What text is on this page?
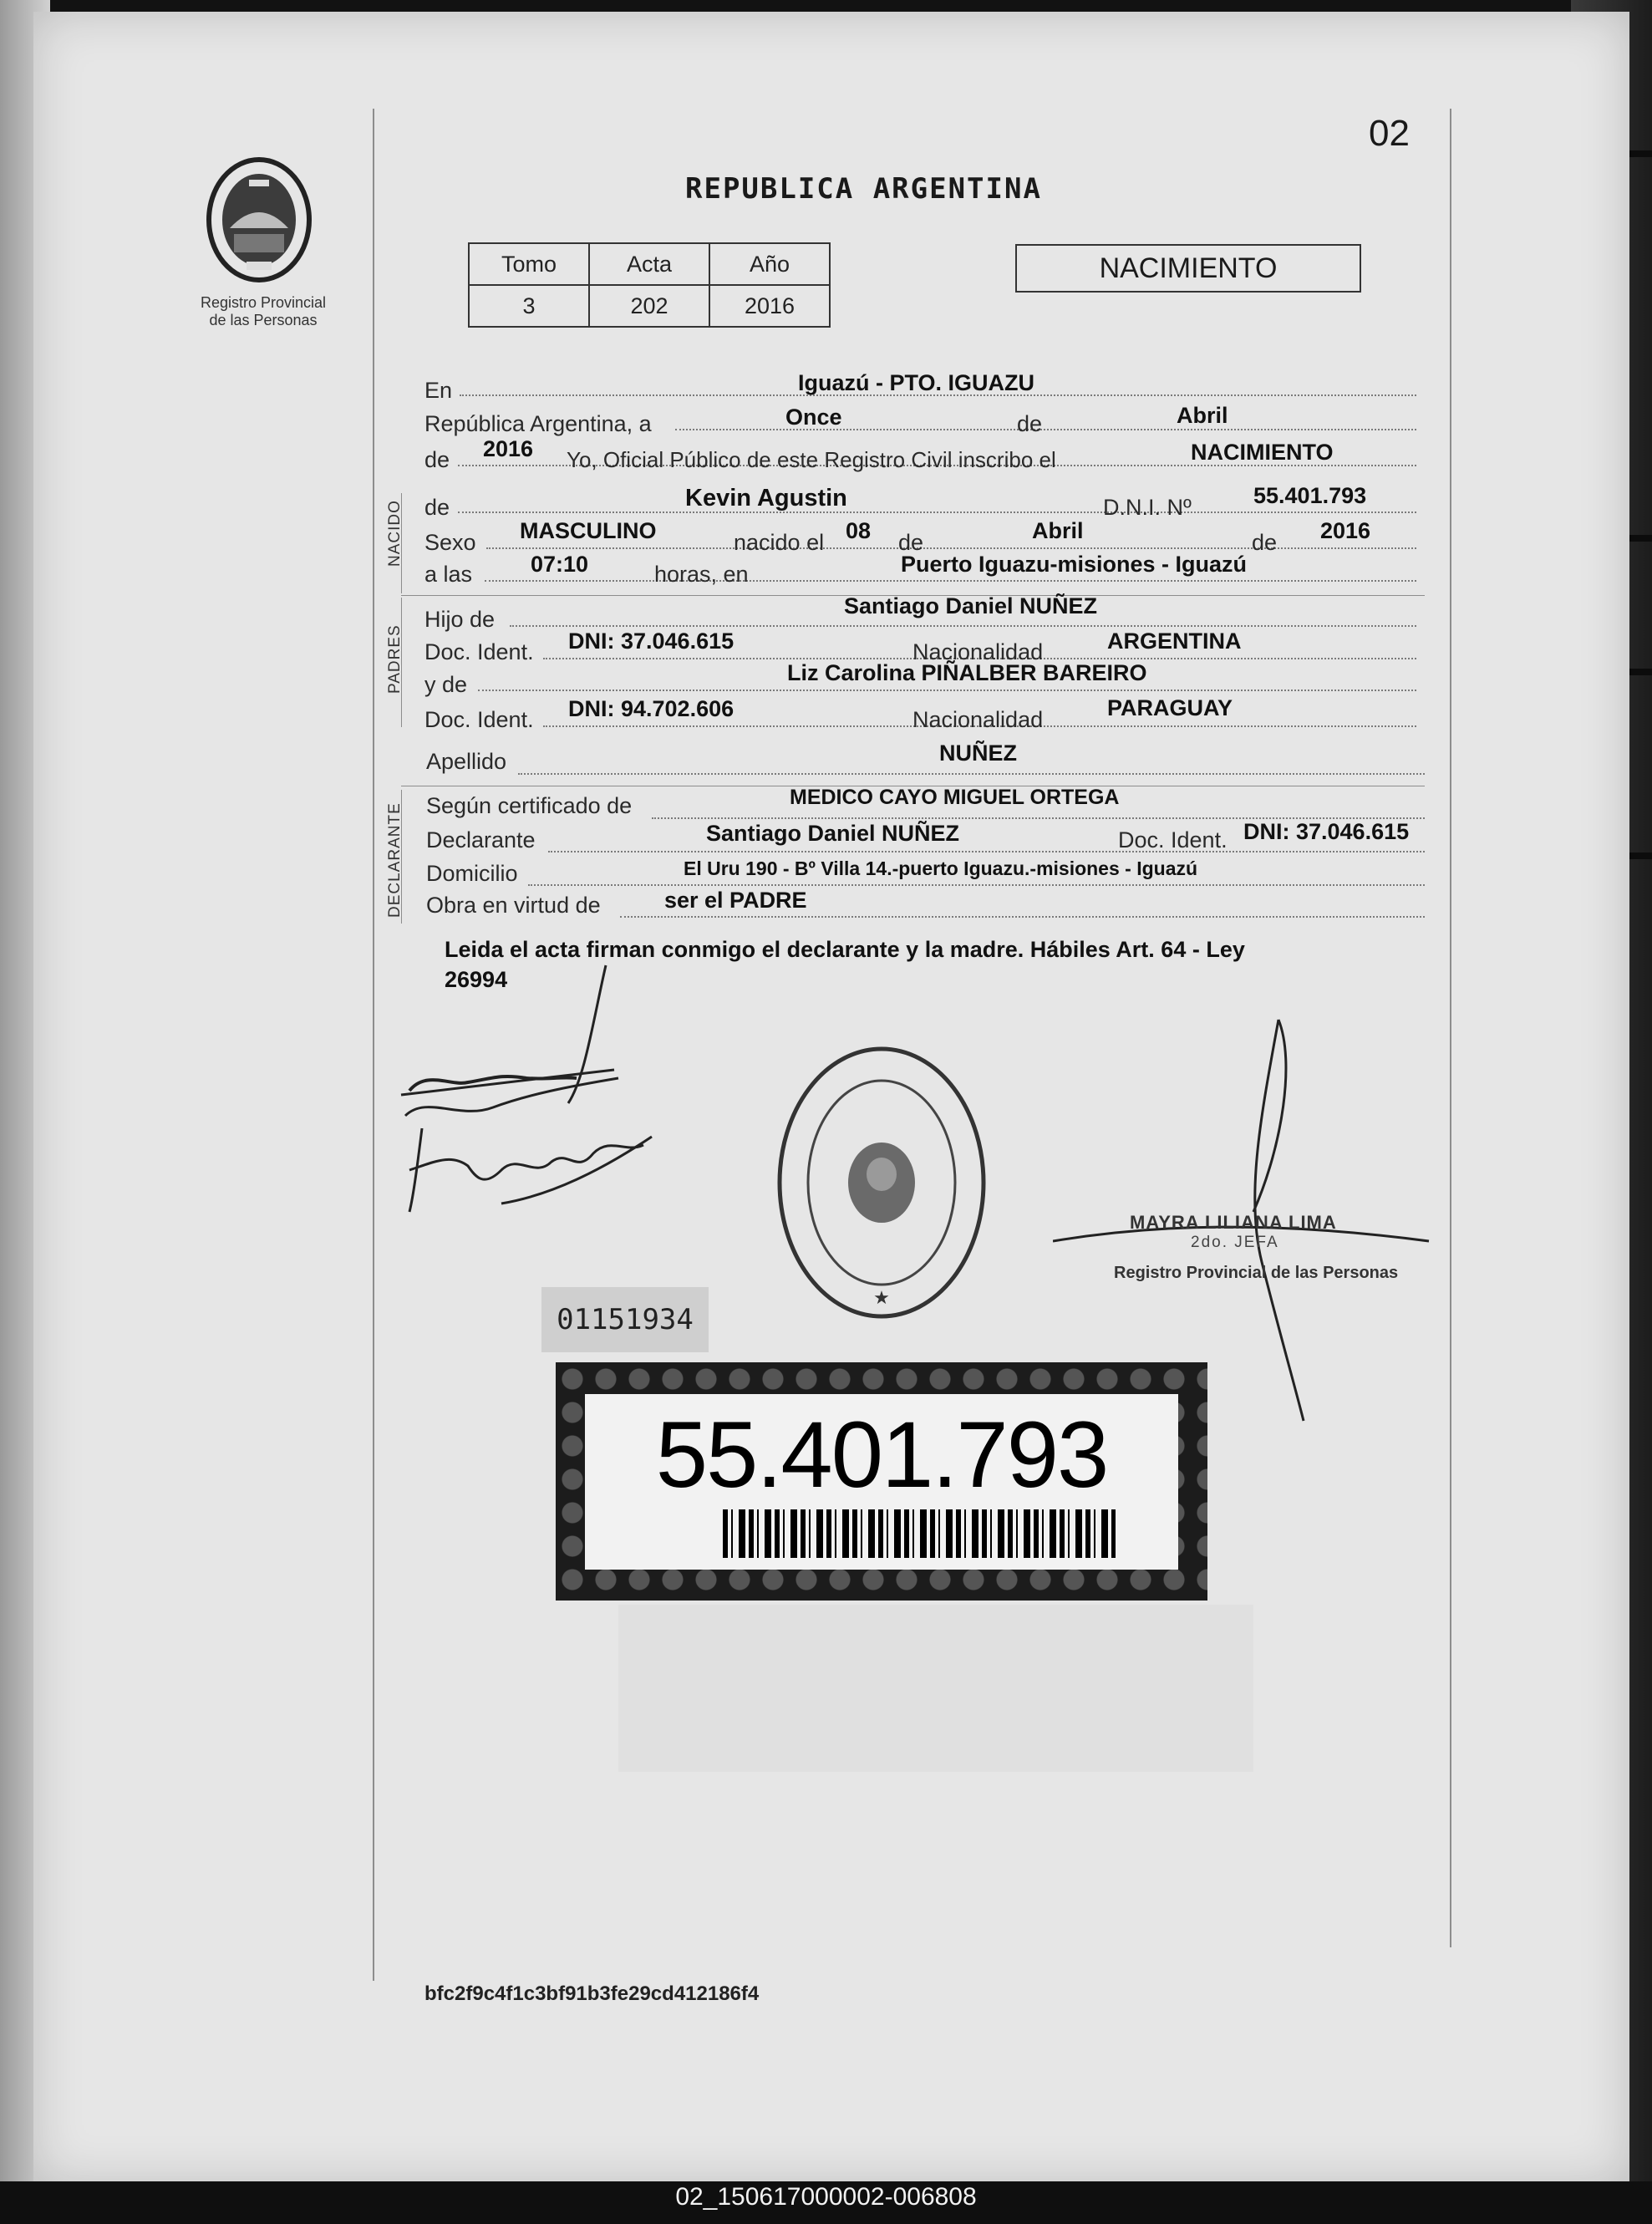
02
Registro Provincial
de las Personas
REPUBLICA ARGENTINA
Tomo	Acta	Año
3	202	2016
NACIMIENTO
NACIDO
PADRES
DECLARANTE
En	Iguazú - PTO. IGUAZU
República Argentina, a	Once	de	Abril
de 2016 Yo, Oficial Público de este Registro Civil inscribo el	NACIMIENTO
de	Kevin Agustin	D.N.I. Nº	55.401.793
Sexo MASCULINO	nacido el 08 de	Abril	de 2016
a las	07:10	horas, en	Puerto Iguazu-misiones - Iguazú
Hijo de
Santiago Daniel NUÑEZ
Doc. Ident. DNI: 37.046.615	Nacionalidad	ARGENTINA
y de	Liz Carolina PIÑALBER BAREIRO
Doc. Ident. DNI: 94.702.606	Nacionalidad	PARAGUAY
Apellido	NUÑEZ
Según certificado de	MEDICO CAYO MIGUEL ORTEGA
Declarante	Santiago Daniel NUÑEZ	Doc. Ident. DNI: 37.046.615
Domicilio	El Uru 190 - Bº Villa 14.-puerto Iguazu.-misiones - Iguazú
Obra en virtud de	ser el PADRE
Leida el acta firman conmigo el declarante y la madre. Hábiles Art. 64 - Ley
26994
★
MAYRA LILIANA LIMA
2do. JEFA
Registro Provincial de las Personas
01151934
55.401.793
bfc2f9c4f1c3bf91b3fe29cd412186f4
02_150617000002-006808
